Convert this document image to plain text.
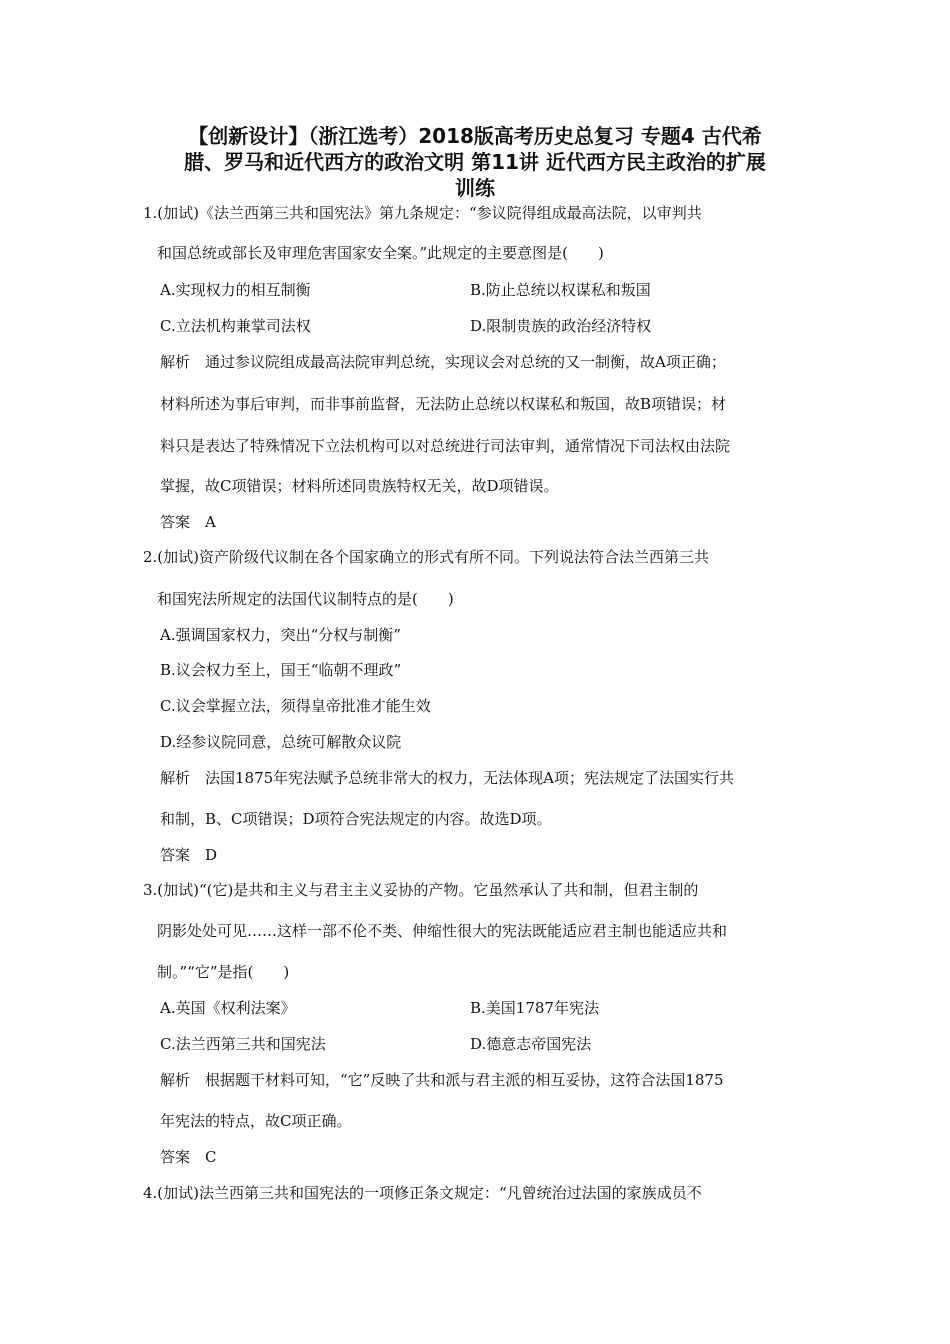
【创新设计】（浙江选考）2018版高考历史总复习 专题4 古代希
腊、罗马和近代西方的政治文明 第11讲 近代西方民主政治的扩展
训练
1.(加试)《法兰西第三共和国宪法》第九条规定：“参议院得组成最高法院，以审判共
和国总统或部长及审理危害国家安全案。”此规定的主要意图是(　　)
A.实现权力的相互制衡	B.防止总统以权谋私和叛国
C.立法机构兼掌司法权	D.限制贵族的政治经济特权
解析　通过参议院组成最高法院审判总统，实现议会对总统的又一制衡，故A项正确；
材料所述为事后审判，而非事前监督，无法防止总统以权谋私和叛国，故B项错误；材
料只是表达了特殊情况下立法机构可以对总统进行司法审判，通常情况下司法权由法院
掌握，故C项错误；材料所述同贵族特权无关，故D项错误。
答案　A
2.(加试)资产阶级代议制在各个国家确立的形式有所不同。下列说法符合法兰西第三共
和国宪法所规定的法国代议制特点的是(　　)
A.强调国家权力，突出“分权与制衡”
B.议会权力至上，国王“临朝不理政”
C.议会掌握立法，须得皇帝批准才能生效
D.经参议院同意，总统可解散众议院
解析　法国1875年宪法赋予总统非常大的权力，无法体现A项；宪法规定了法国实行共
和制，B、C项错误；D项符合宪法规定的内容。故选D项。
答案　D
3.(加试)“(它)是共和主义与君主主义妥协的产物。它虽然承认了共和制，但君主制的
阴影处处可见……这样一部不伦不类、伸缩性很大的宪法既能适应君主制也能适应共和
制。”“它”是指(　　)
A.英国《权利法案》	B.美国1787年宪法
C.法兰西第三共和国宪法	D.德意志帝国宪法
解析　根据题干材料可知，“它”反映了共和派与君主派的相互妥协，这符合法国1875
年宪法的特点，故C项正确。
答案　C
4.(加试)法兰西第三共和国宪法的一项修正条文规定：“凡曾统治过法国的家族成员不
